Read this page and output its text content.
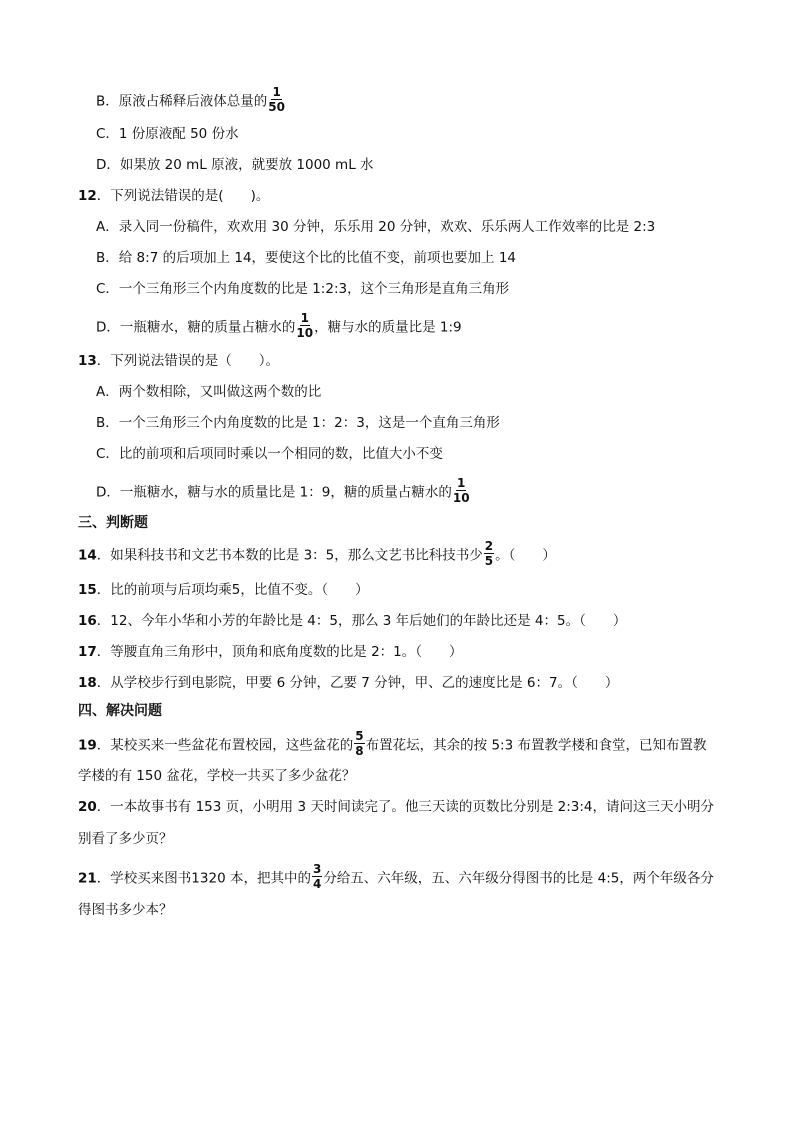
B．原液占稀释后液体总量的 $\frac{1}{50}$
C．1 份原液配 50 份水
D．如果放 20 mL 原液，就要放 1000 mL 水
12．下列说法错误的是(　　)。
A．录入同一份稿件，欢欢用 30 分钟，乐乐用 20 分钟，欢欢、乐乐两人工作效率的比是 2:3
B．给 8:7 的后项加上 14，要使这个比的比值不变，前项也要加上 14
C．一个三角形三个内角度数的比是 1:2:3，这个三角形是直角三角形
D．一瓶糖水，糖的质量占糖水的 $\frac{1}{10}$ ，糖与水的质量比是 1:9
13．下列说法错误的是（　　）。
A．两个数相除，又叫做这两个数的比
B．一个三角形三个内角度数的比是 1：2：3，这是一个直角三角形
C．比的前项和后项同时乘以一个相同的数，比值大小不变
D．一瓶糖水，糖与水的质量比是 1：9，糖的质量占糖水的 $\frac{1}{10}$
三、判断题
14．如果科技书和文艺书本数的比是 3：5，那么文艺书比科技书少 $\frac{2}{5}$ 。（　　）
15．比的前项与后项均乘5，比值不变。（　　）
16．12、今年小华和小芳的年龄比是 4：5，那么 3 年后她们的年龄比还是 4：5。（　　）
17．等腰直角三角形中，顶角和底角度数的比是 2：1。（　　）
18．从学校步行到电影院，甲要 6 分钟，乙要 7 分钟，甲、乙的速度比是 6：7。（　　）
四、解决问题
19．某校买来一些盆花布置校园，这些盆花的 $\frac{5}{8}$ 布置花坛，其余的按 5:3 布置教学楼和食堂，已知布置教
学楼的有 150 盆花，学校一共买了多少盆花？
20．一本故事书有 153 页，小明用 3 天时间读完了。他三天读的页数比分别是 2:3:4，请问这三天小明分
别看了多少页？
21．学校买来图书1320 本，把其中的 $\frac{3}{4}$ 分给五、六年级，五、六年级分得图书的比是 4:5，两个年级各分
得图书多少本？
